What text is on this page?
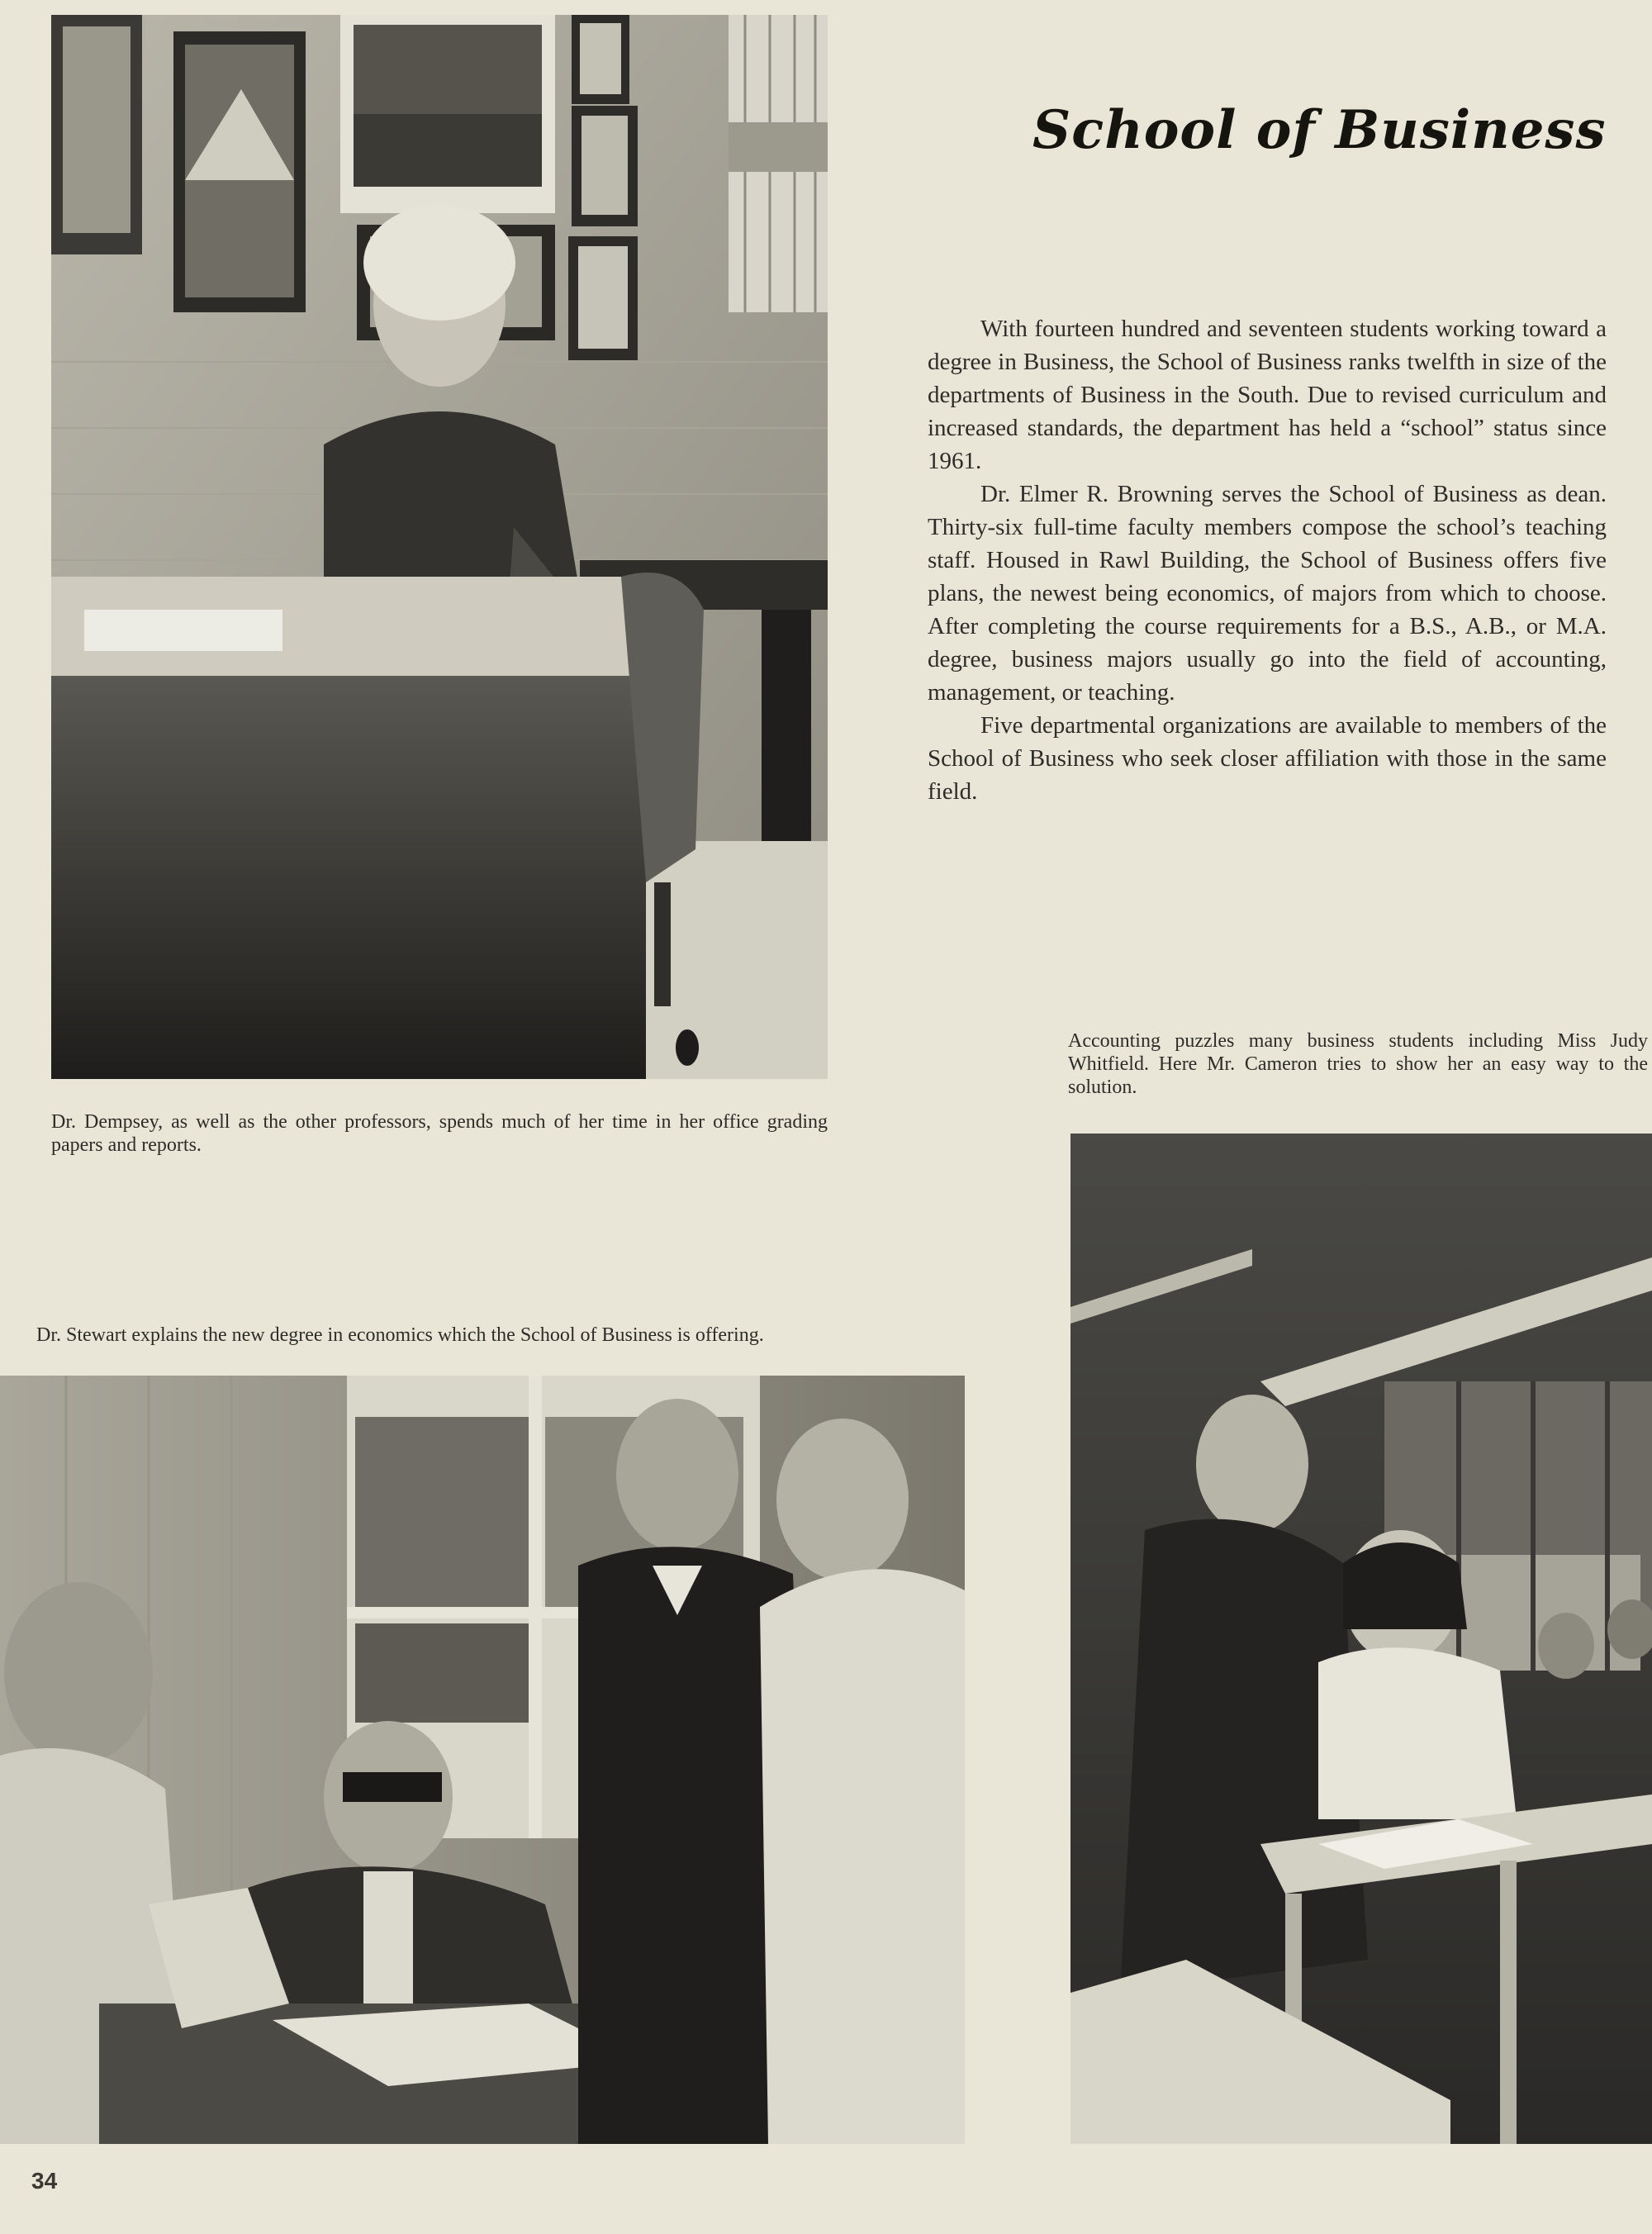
School of Business

With fourteen hundred and seventeen students working toward a degree in Business, the School of Business ranks twelfth in size of the departments of Business in the South. Due to revised curriculum and increased standards, the department has held a “school” status since 1961.

Dr. Elmer R. Browning serves the School of Business as dean. Thirty-six full-time faculty members compose the school’s teaching staff. Housed in Rawl Building, the School of Business offers five plans, the newest being economics, of majors from which to choose. After completing the course requirements for a B.S., A.B., or M.A. degree, business majors usually go into the field of accounting, management, or teaching.

Five departmental organizations are available to members of the School of Business who seek closer affiliation with those in the same field.

Dr. Dempsey, as well as the other professors, spends much of her time in her office grading papers and reports.
Accounting puzzles many business students including Miss Judy Whitfield. Here Mr. Cameron tries to show her an easy way to the solution.
Dr. Stewart explains the new degree in economics which the School of Business is offering.
34
